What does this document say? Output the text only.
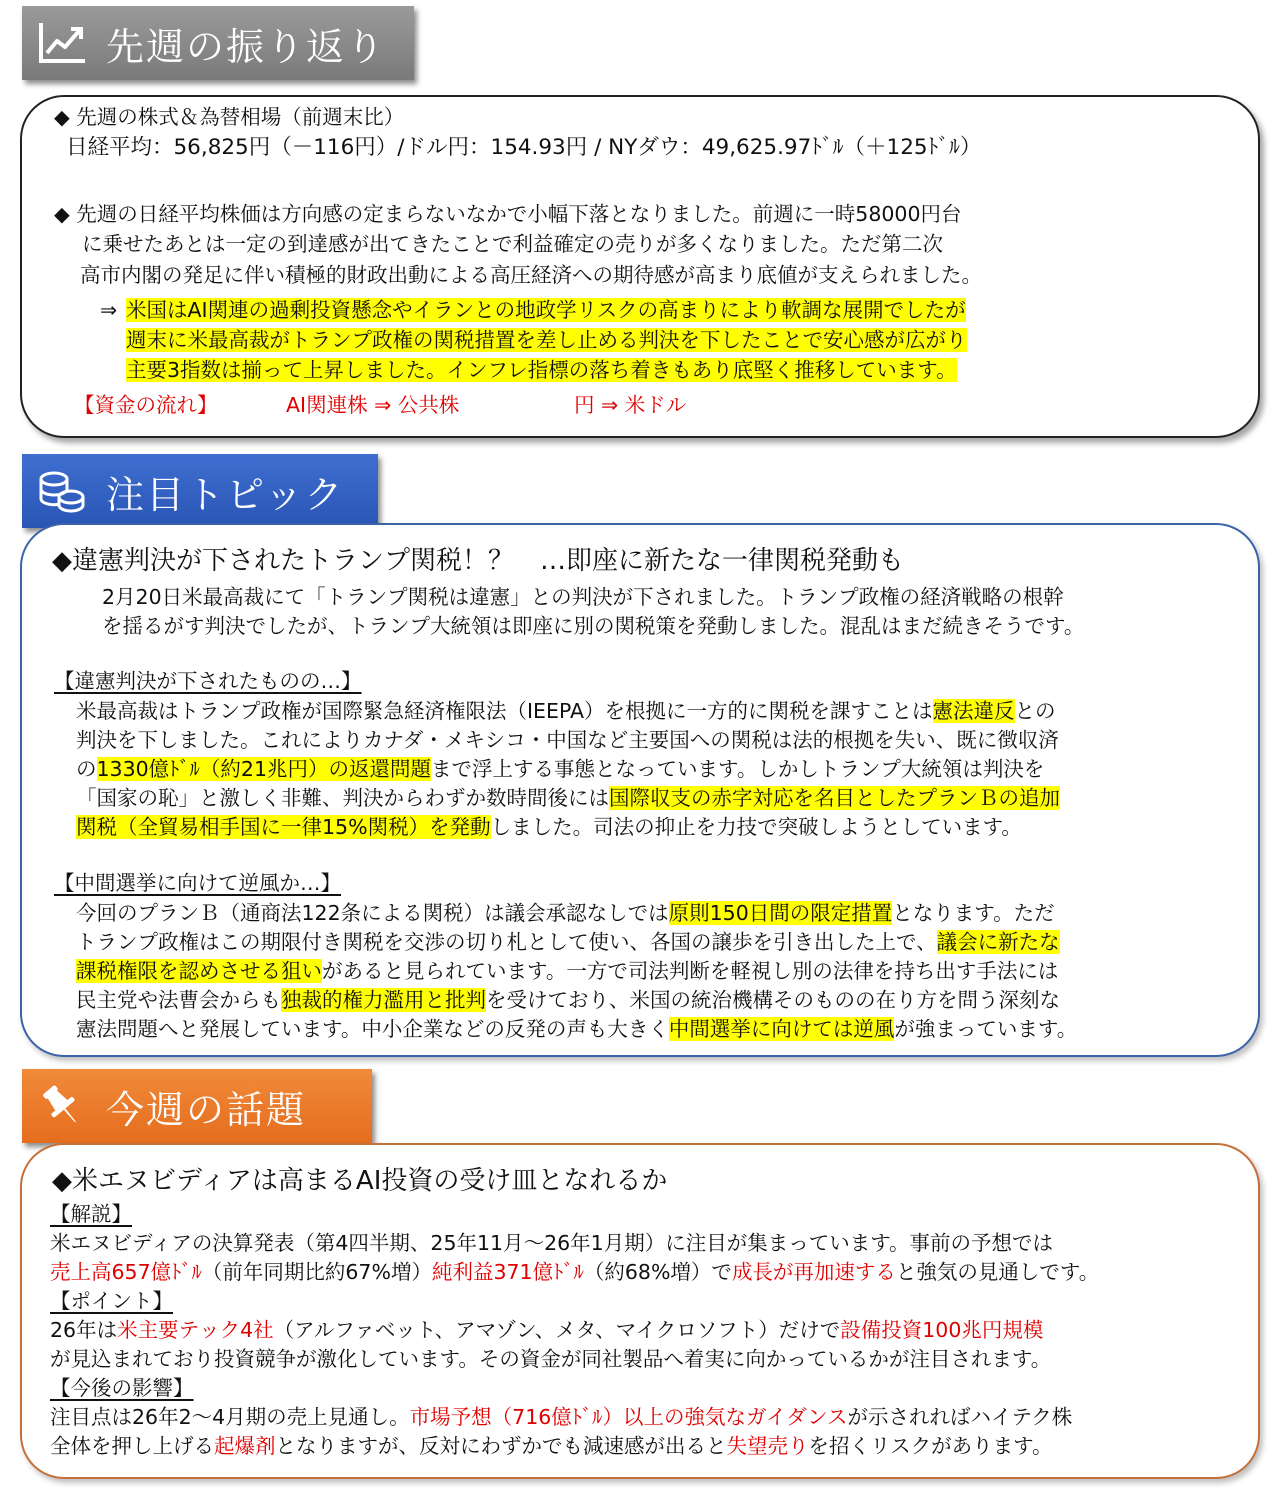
先週の振り返り
◆ 先週の株式＆為替相場（前週末比）
日経平均：56,825円（－116円）/ドル円：154.93円 / NYダウ：49,625.97ﾄﾞﾙ（＋125ﾄﾞﾙ）
◆ 先週の日経平均株価は方向感の定まらないなかで小幅下落となりました。前週に一時58000円台
に乗せたあとは一定の到達感が出てきたことで利益確定の売りが多くなりました。ただ第二次
高市内閣の発足に伴い積極的財政出動による高圧経済への期待感が高まり底値が支えられました。
⇒ 米国はAI関連の過剰投資懸念やイランとの地政学リスクの高まりにより軟調な展開でしたが
週末に米最高裁がトランプ政権の関税措置を差し止める判決を下したことで安心感が広がり
主要3指数は揃って上昇しました。インフレ指標の落ち着きもあり底堅く推移しています。
【資金の流れ】	AI関連株 ⇒ 公共株	円 ⇒ 米ドル
注目トピック
◆違憲判決が下されたトランプ関税！？　…即座に新たな一律関税発動も
2月20日米最高裁にて「トランプ関税は違憲」との判決が下されました。トランプ政権の経済戦略の根幹
を揺るがす判決でしたが、トランプ大統領は即座に別の関税策を発動しました。混乱はまだ続きそうです。
【違憲判決が下されたものの…】
米最高裁はトランプ政権が国際緊急経済権限法（IEEPA）を根拠に一方的に関税を課すことは憲法違反との
判決を下しました。これによりカナダ・メキシコ・中国など主要国への関税は法的根拠を失い、既に徴収済
の1330億ﾄﾞﾙ（約21兆円）の返還問題まで浮上する事態となっています。しかしトランプ大統領は判決を
「国家の恥」と激しく非難、判決からわずか数時間後には国際収支の赤字対応を名目としたプランＢの追加
関税（全貿易相手国に一律15%関税）を発動しました。司法の抑止を力技で突破しようとしています。
【中間選挙に向けて逆風か…】
今回のプランＢ（通商法122条による関税）は議会承認なしでは原則150日間の限定措置となります。ただ
トランプ政権はこの期限付き関税を交渉の切り札として使い、各国の譲歩を引き出した上で、議会に新たな
課税権限を認めさせる狙いがあると見られています。一方で司法判断を軽視し別の法律を持ち出す手法には
民主党や法曹会からも独裁的権力濫用と批判を受けており、米国の統治機構そのものの在り方を問う深刻な
憲法問題へと発展しています。中小企業などの反発の声も大きく中間選挙に向けては逆風が強まっています。
今週の話題
◆米エヌビディアは高まるAI投資の受け皿となれるか
【解説】
米エヌビディアの決算発表（第4四半期、25年11月～26年1月期）に注目が集まっています。事前の予想では
売上高657億ﾄﾞﾙ（前年同期比約67%増）純利益371億ﾄﾞﾙ（約68%増）で成長が再加速すると強気の見通しです。
【ポイント】
26年は米主要テック4社（アルファベット、アマゾン、メタ、マイクロソフト）だけで設備投資100兆円規模
が見込まれており投資競争が激化しています。その資金が同社製品へ着実に向かっているかが注目されます。
【今後の影響】
注目点は26年2～4月期の売上見通し。市場予想（716億ﾄﾞﾙ）以上の強気なガイダンスが示されればハイテク株
全体を押し上げる起爆剤となりますが、反対にわずかでも減速感が出ると失望売りを招くリスクがあります。
